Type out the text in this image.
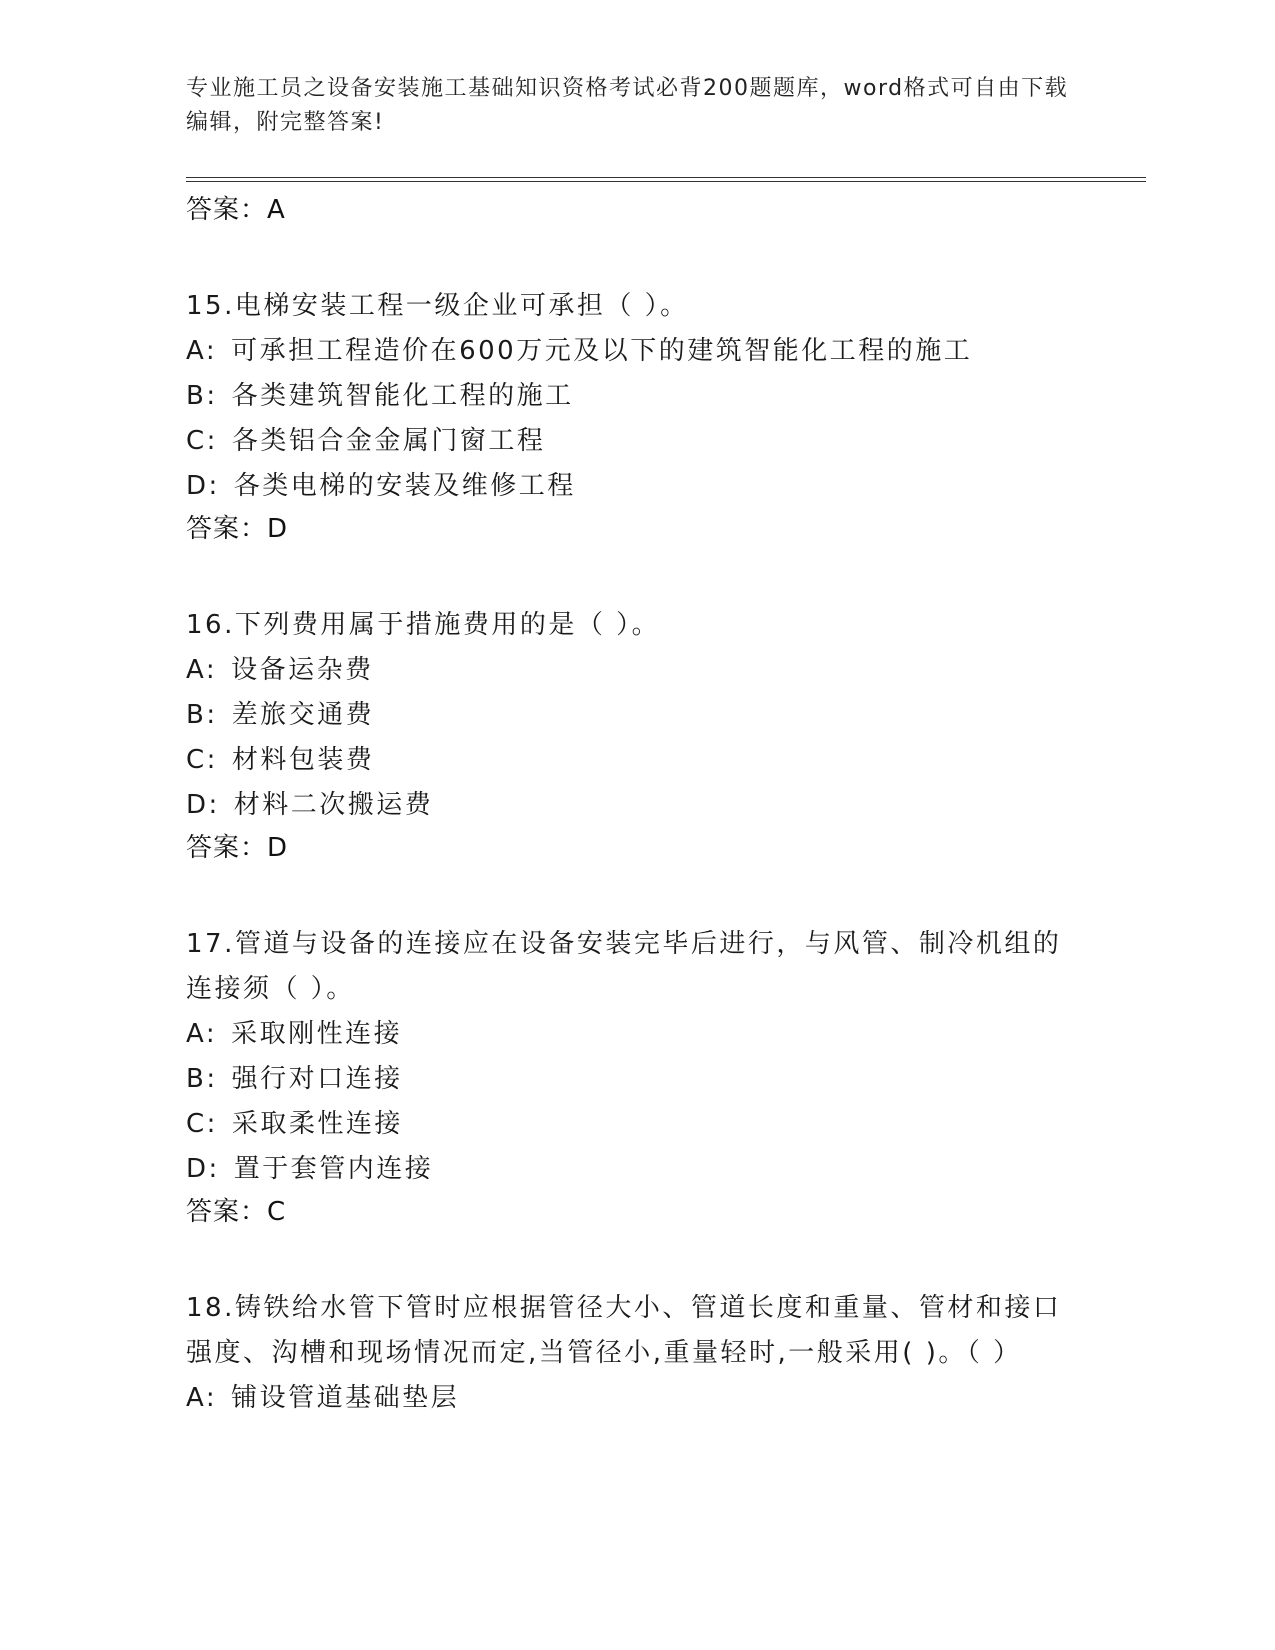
专业施工员之设备安装施工基础知识资格考试必背200题题库，word格式可自由下载编辑，附完整答案!
答案：A
15.电梯安装工程一级企业可承担（ ）。
A: 可承担工程造价在600万元及以下的建筑智能化工程的施工
B: 各类建筑智能化工程的施工
C: 各类铝合金金属门窗工程
D: 各类电梯的安装及维修工程
答案：D
16.下列费用属于措施费用的是（ ）。
A: 设备运杂费
B: 差旅交通费
C: 材料包装费
D: 材料二次搬运费
答案：D
17.管道与设备的连接应在设备安装完毕后进行，与风管、制冷机组的连接须（ ）。
A: 采取刚性连接
B: 强行对口连接
C: 采取柔性连接
D: 置于套管内连接
答案：C
18.铸铁给水管下管时应根据管径大小、管道长度和重量、管材和接口强度、沟槽和现场情况而定,当管径小,重量轻时,一般采用( )。（ ）
A: 铺设管道基础垫层
